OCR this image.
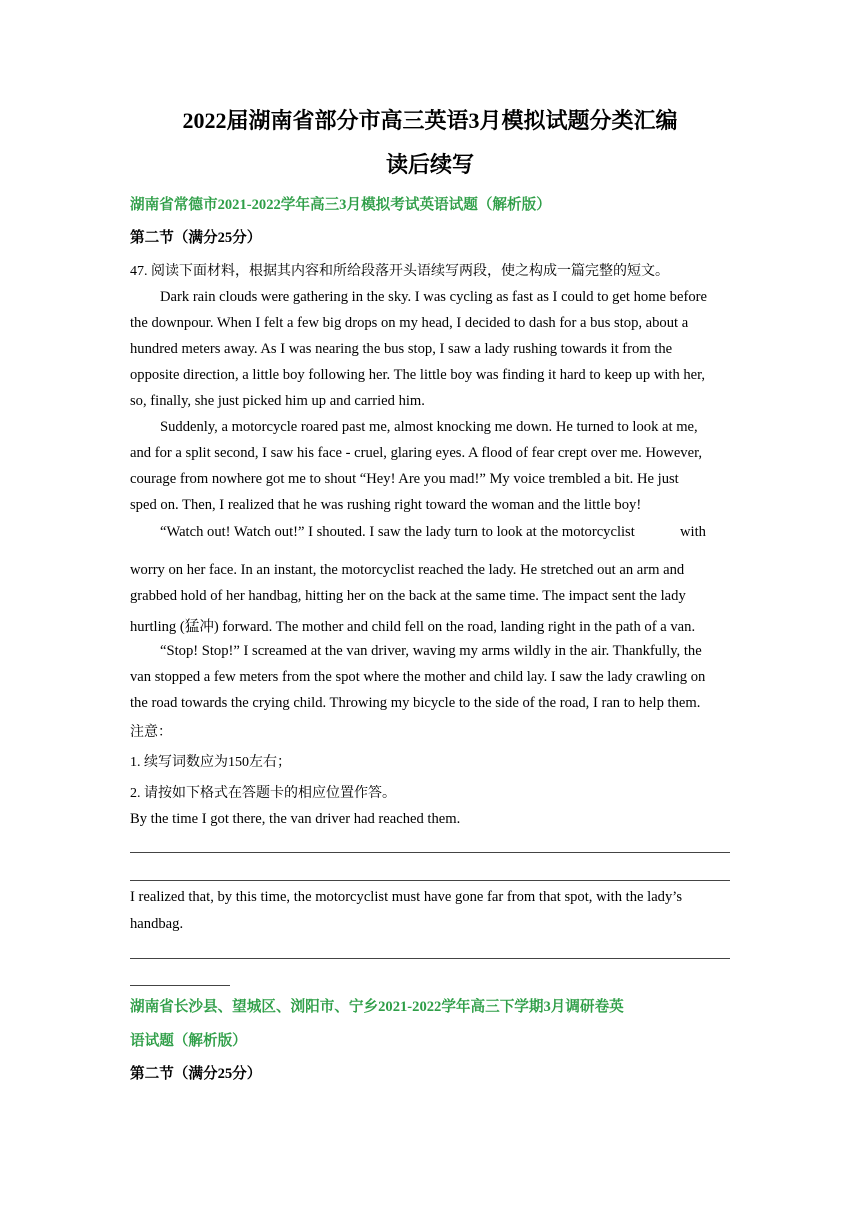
2022届湖南省部分市高三英语3月模拟试题分类汇编
读后续写
湖南省常德市2021-2022学年高三3月模拟考试英语试题（解析版）
第二节（满分25分）
47. 阅读下面材料，根据其内容和所给段落开头语续写两段，使之构成一篇完整的短文。
Dark rain clouds were gathering in the sky. I was cycling as fast as I could to get home before
the downpour. When I felt a few big drops on my head, I decided to dash for a bus stop, about a
hundred meters away. As I was nearing the bus stop, I saw a lady rushing towards it from the
opposite direction, a little boy following her. The little boy was finding it hard to keep up with her,
so, finally, she just picked him up and carried him.
Suddenly, a motorcycle roared past me, almost knocking me down. He turned to look at me,
and for a split second, I saw his face - cruel, glaring eyes. A flood of fear crept over me. However,
courage from nowhere got me to shout “Hey! Are you mad!” My voice trembled a bit. He just
sped on. Then, I realized that he was rushing right toward the woman and the little boy!
“Watch out! Watch out!” I shouted. I saw the lady turn to look at the motorcyclist	with
worry on her face. In an instant, the motorcyclist reached the lady. He stretched out an arm and
grabbed hold of her handbag, hitting her on the back at the same time. The impact sent the lady
hurtling (猛冲) forward. The mother and child fell on the road, landing right in the path of a van.
“Stop! Stop!” I screamed at the van driver, waving my arms wildly in the air. Thankfully, the
van stopped a few meters from the spot where the mother and child lay. I saw the lady crawling on
the road towards the crying child. Throwing my bicycle to the side of the road, I ran to help them.
注意：
1. 续写词数应为150左右；
2. 请按如下格式在答题卡的相应位置作答。
By the time I got there, the van driver had reached them.
I realized that, by this time, the motorcyclist must have gone far from that spot, with the lady’s
handbag.
湖南省长沙县、望城区、浏阳市、宁乡2021-2022学年高三下学期3月调研卷英
语试题（解析版）
第二节（满分25分）
